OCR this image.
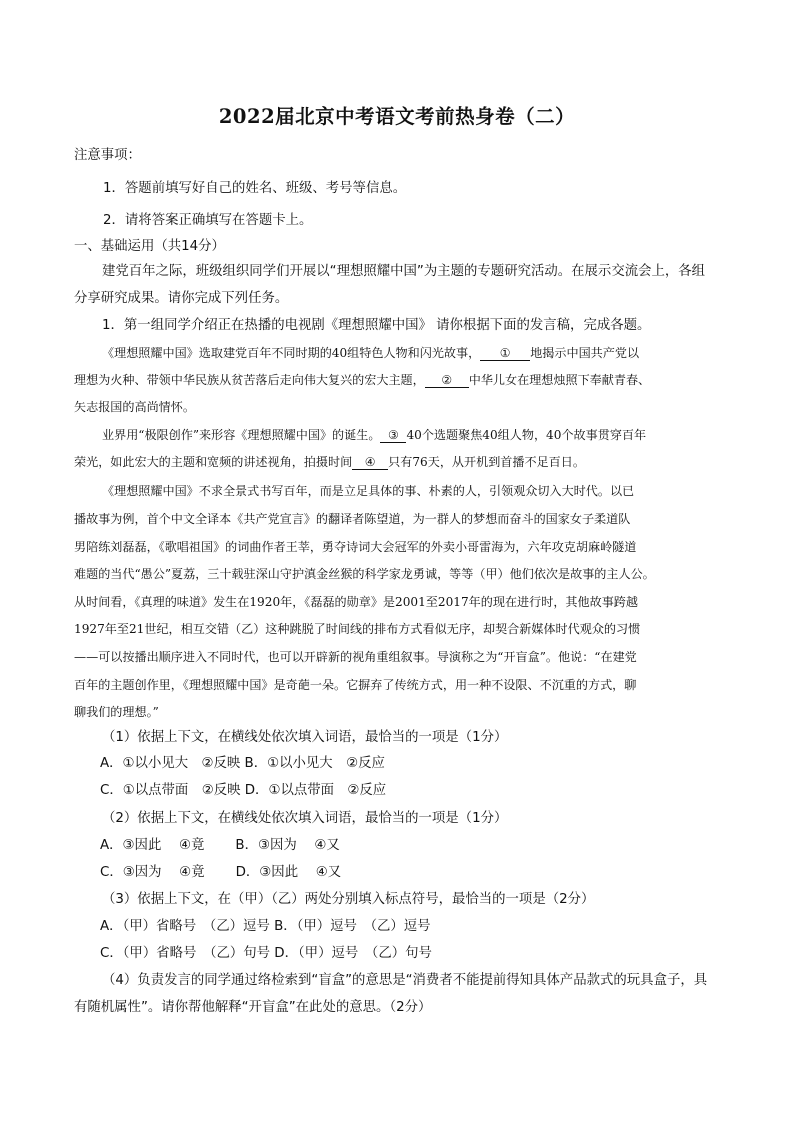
2022届北京中考语文考前热身卷（二）
注意事项：
1．答题前填写好自己的姓名、班级、考号等信息。
2．请将答案正确填写在答题卡上。
一、基础运用（共14分）
建党百年之际，班级组织同学们开展以“理想照耀中国”为主题的专题研究活动。在展示交流会上，各组
分享研究成果。请你完成下列任务。
1．第一组同学介绍正在热播的电视剧《理想照耀中国》 请你根据下面的发言稿，完成各题。
《理想照耀中国》选取建党百年不同时期的40组特色人物和闪光故事， ① 地揭示中国共产党以
理想为火种、带领中华民族从贫苦落后走向伟大复兴的宏大主题， ② 中华儿女在理想烛照下奉献青春、
矢志报国的高尚情怀。
业界用“极限创作”来形容《理想照耀中国》的诞生。 ③ 40个选题聚焦40组人物，40个故事贯穿百年
荣光，如此宏大的主题和宽频的讲述视角，拍摄时间 ④ 只有76天，从开机到首播不足百日。
《理想照耀中国》不求全景式书写百年，而是立足具体的事、朴素的人，引领观众切入大时代。以已
播故事为例，首个中文全译本《共产党宣言》的翻译者陈望道，为一群人的梦想而奋斗的国家女子柔道队
男陪练刘磊磊，《歌唱祖国》的词曲作者王莘，勇夺诗词大会冠军的外卖小哥雷海为，六年攻克胡麻岭隧道
难题的当代“愚公”夏荔，三十载驻深山守护滇金丝猴的科学家龙勇诚，等等（甲）他们依次是故事的主人公。
从时间看，《真理的味道》发生在1920年，《磊磊的勋章》是2001至2017年的现在进行时，其他故事跨越
1927年至21世纪，相互交错（乙）这种跳脱了时间线的排布方式看似无序，却契合新媒体时代观众的习惯
——可以按播出顺序进入不同时代，也可以开辟新的视角重组叙事。导演称之为“开盲盒”。他说：“在建党
百年的主题创作里，《理想照耀中国》是奇葩一朵。它摒弃了传统方式，用一种不设限、不沉重的方式，聊
聊我们的理想。”
（1）依据上下文，在横线处依次填入词语，最恰当的一项是（1分）
A．①以小见大　②反映 B．①以小见大　②反应
C．①以点带面　②反映 D．①以点带面　②反应
（2）依据上下文，在横线处依次填入词语，最恰当的一项是（1分）
A．③因此　 ④竟　　 B．③因为　 ④又
C．③因为　 ④竟　　 D．③因此　 ④又
（3）依据上下文，在（甲）（乙）两处分别填入标点符号，最恰当的一项是（2分）
A．（甲）省略号　（乙）逗号 B．（甲）逗号　（乙）逗号
C．（甲）省略号　（乙）句号 D．（甲）逗号　（乙）句号
（4）负责发言的同学通过络检索到“盲盒”的意思是“消费者不能提前得知具体产品款式的玩具盒子，具
有随机属性”。请你帮他解释“开盲盒”在此处的意思。（2分）
